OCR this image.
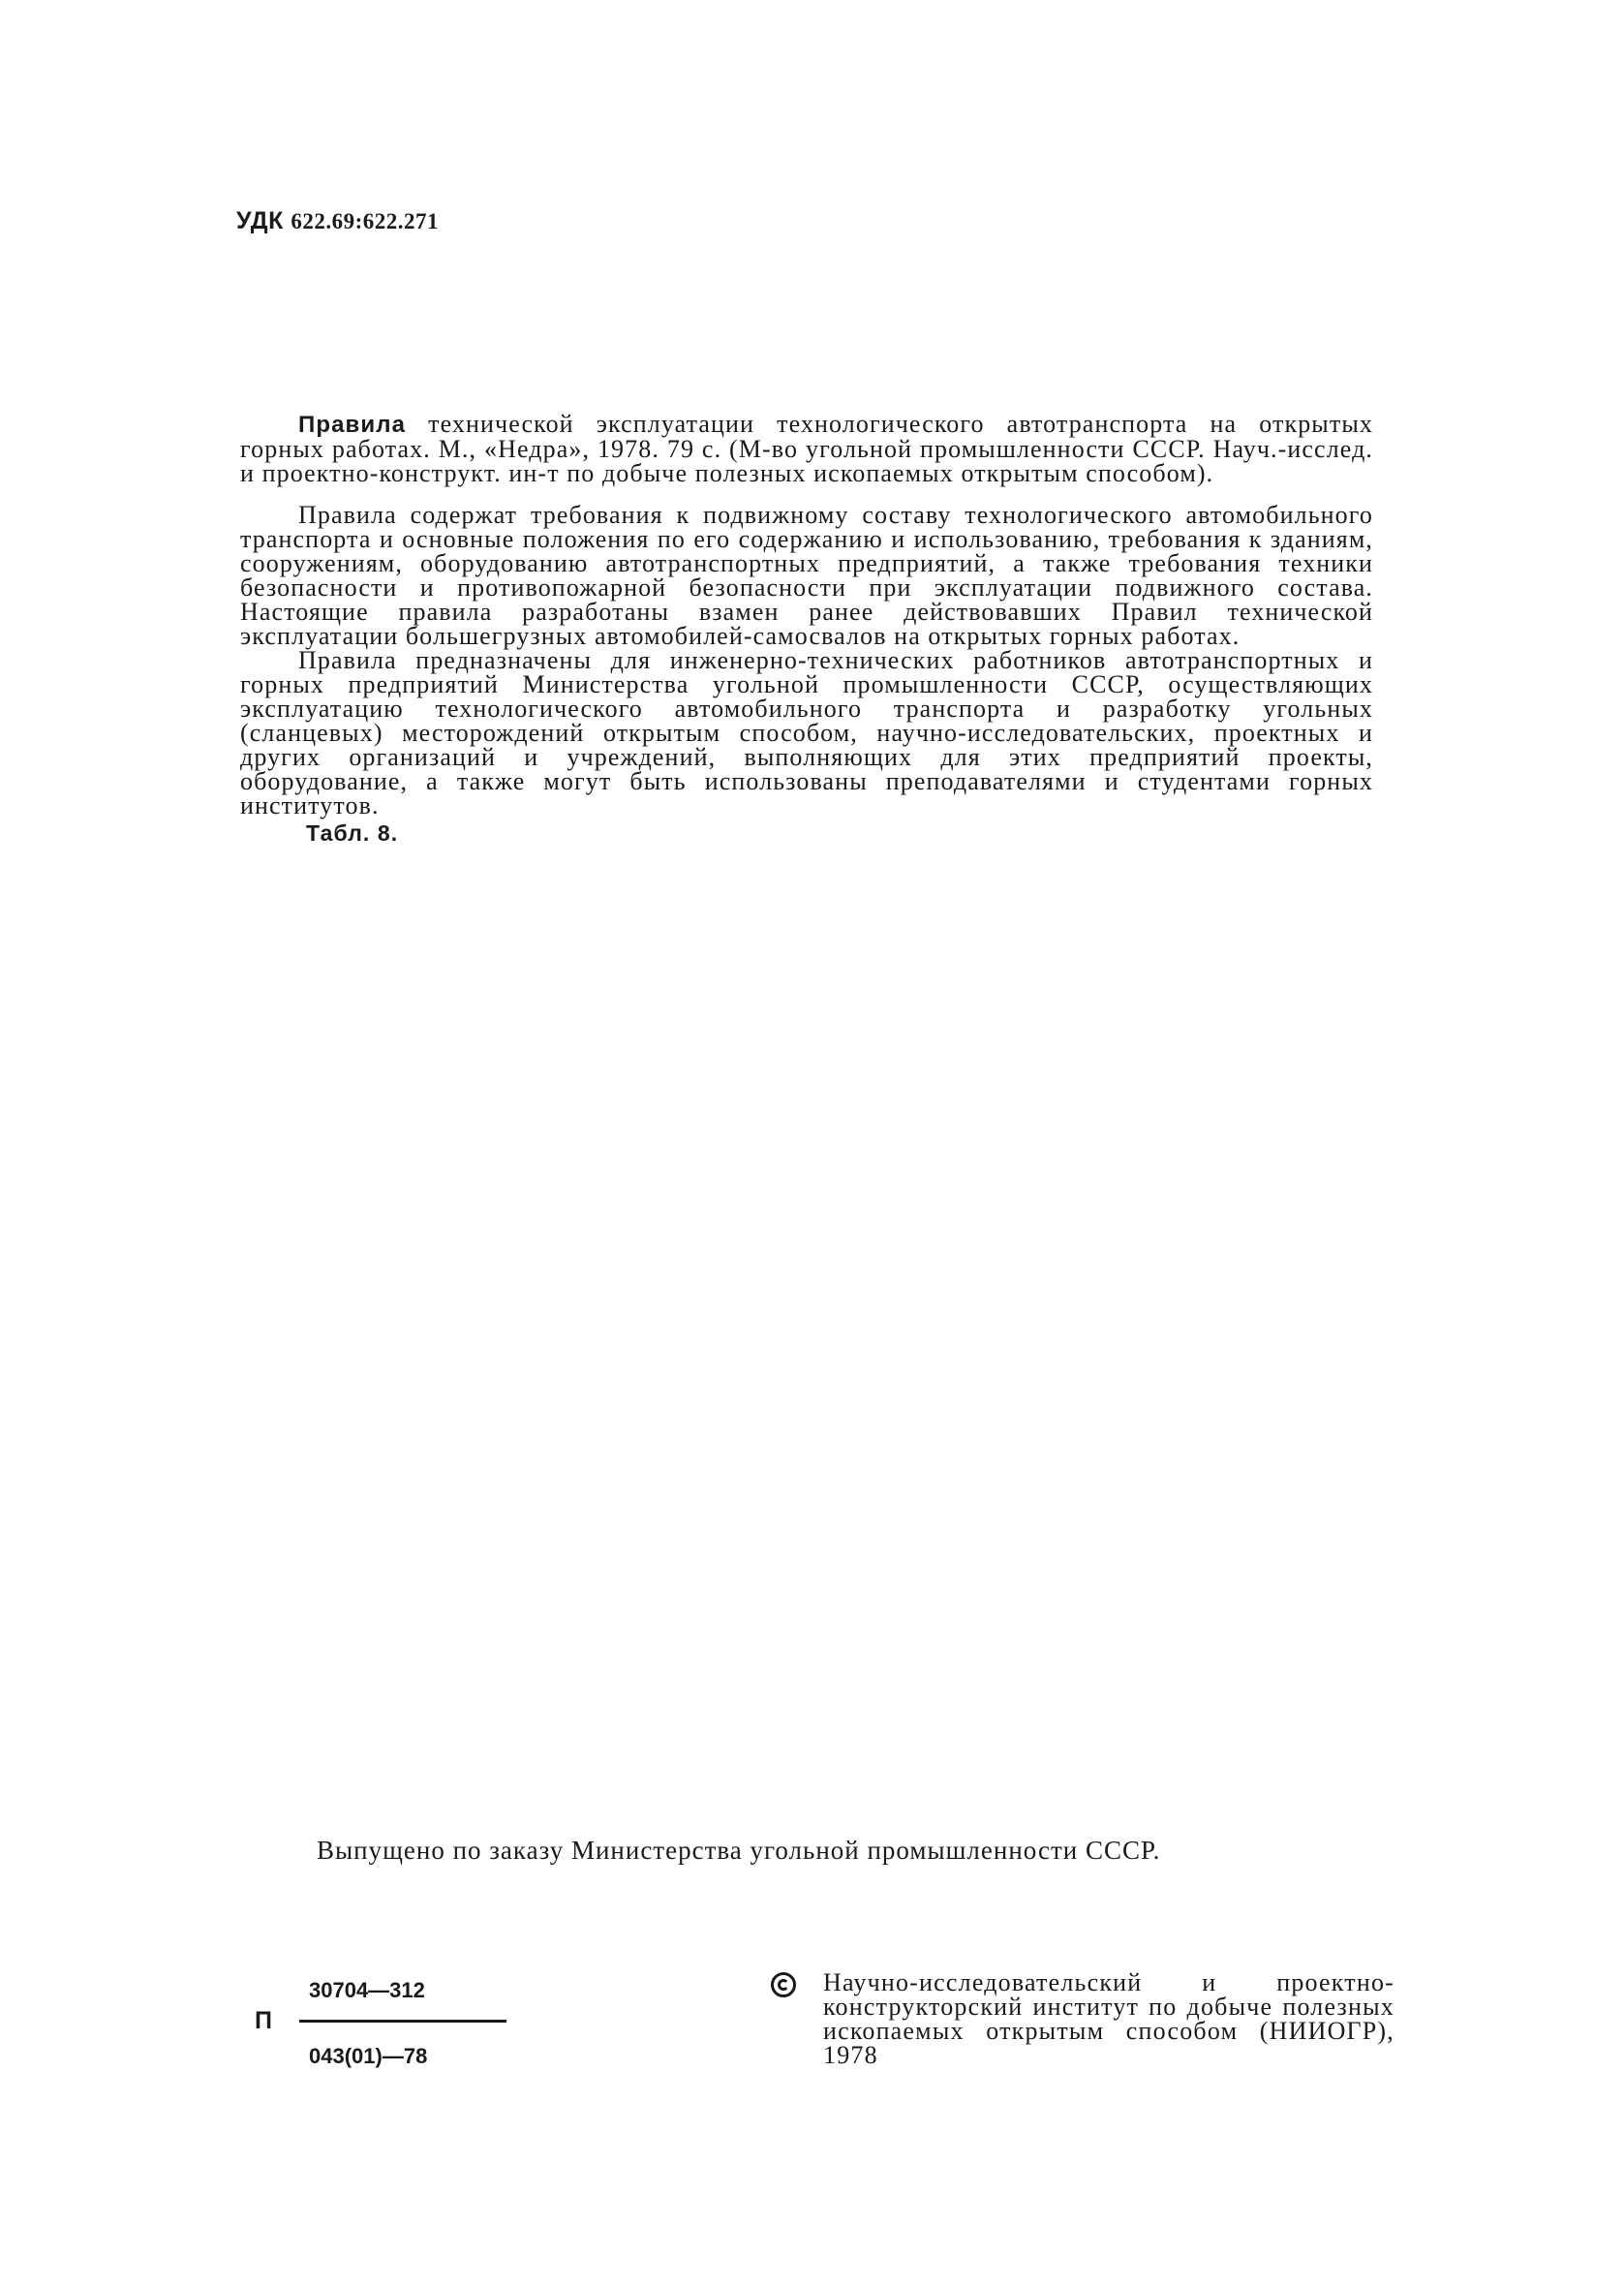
УДК 622.69:622.271

Правила технической эксплуатации технологического автотранспорта на открытых горных работах. М., «Недра», 1978. 79 с. (М-во угольной промышленности СССР. Науч.-исслед. и проектно-конструкт. ин-т по добыче полезных ископаемых открытым способом).

Правила содержат требования к подвижному составу технологического автомобильного транспорта и основные положения по его содержанию и использованию, требования к зданиям, сооружениям, оборудованию автотранспортных предприятий, а также требования техники безопасности и противопожарной безопасности при эксплуатации подвижного состава. Настоящие правила разработаны взамен ранее действовавших Правил технической эксплуатации большегрузных автомобилей-самосвалов на открытых горных работах.

Правила предназначены для инженерно-технических работников автотранспортных и горных предприятий Министерства угольной промышленности СССР, осуществляющих эксплуатацию технологического автомобильного транспорта и разработку угольных (сланцевых) месторождений открытым способом, научно-исследовательских, проектных и других организаций и учреждений, выполняющих для этих предприятий проекты, оборудование, а также могут быть использованы преподавателями и студентами горных институтов.

Табл. 8.

Выпущено по заказу Министерства угольной промышленности СССР.
П
30704—312
043(01)—78
Научно-исследовательский и проектно-конструкторский институт по добыче полезных ископаемых открытым способом (НИИОГР), 1978
